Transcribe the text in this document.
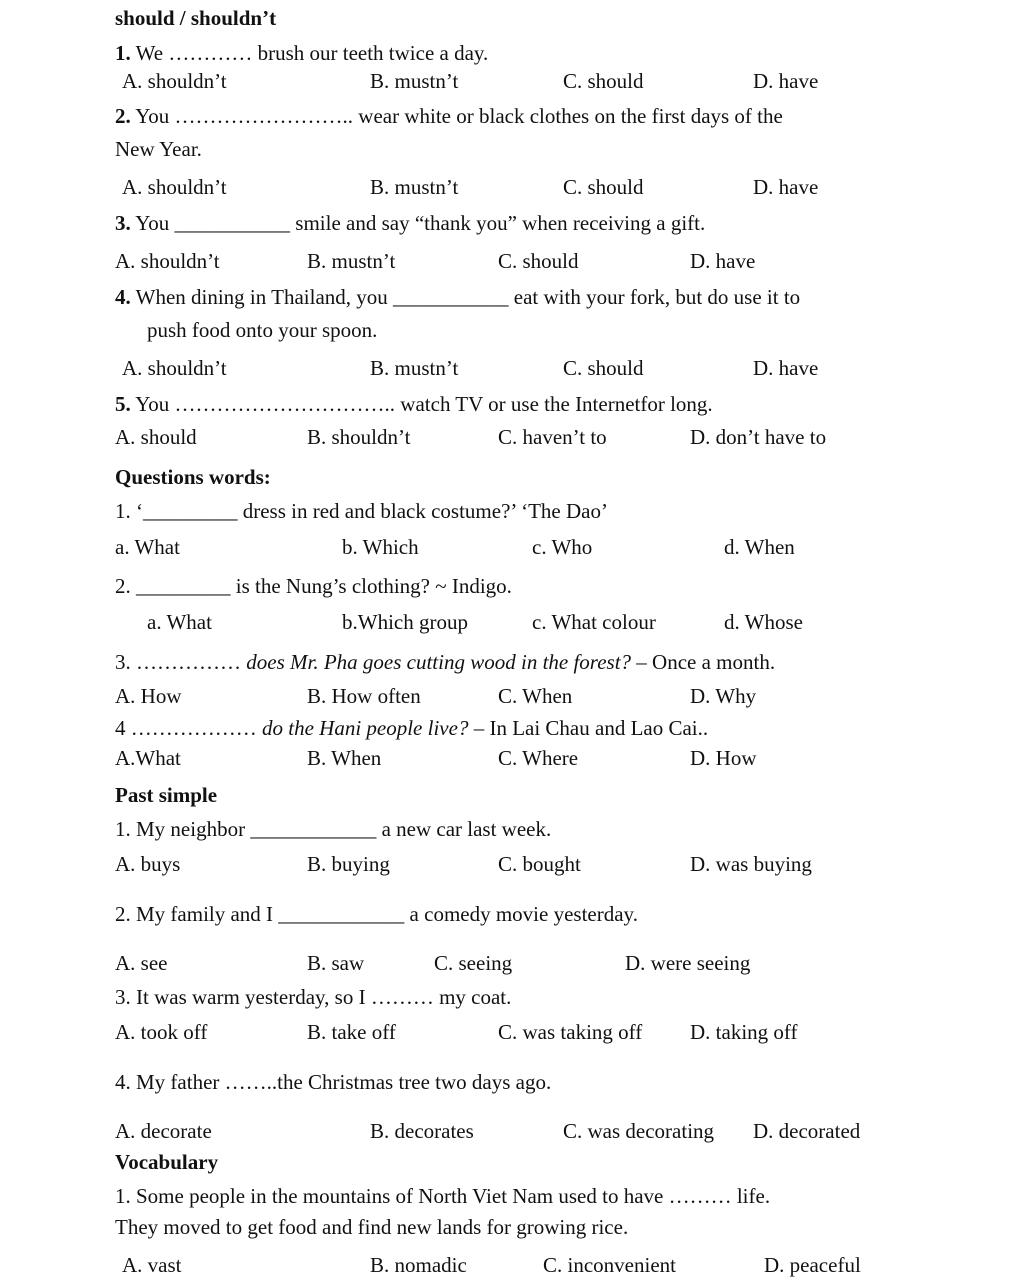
should / shouldn’t
1. We ………… brush our teeth twice a day.
A. shouldn’t	B. mustn’t	C. should	D. have
2. You …………………….. wear white or black clothes on the first days of the
New Year.
A. shouldn’t	B. mustn’t	C. should	D. have
3. You ___________ smile and say “thank you” when receiving a gift.
A. shouldn’t	B. mustn’t	C. should	D. have
4. When dining in Thailand, you ___________ eat with your fork, but do use it to
push food onto your spoon.
A. shouldn’t	B. mustn’t	C. should	D. have
5. You ………………………….. watch TV or use the Internetfor long.
A. should	B. shouldn’t	C. haven’t to	D. don’t have to
Questions words:
1. ‘_________ dress in red and black costume?’ ‘The Dao’
a. What	b. Which	c. Who	d. When
2. _________ is the Nung’s clothing? ~ Indigo.
a. What	b.Which group	c. What colour	d. Whose
3. …………… does Mr. Pha goes cutting wood in the forest? – Once a month.
A. How	B. How often	C. When	D. Why
4 ……………… do the Hani people live? – In Lai Chau and Lao Cai..
A.What	B. When	C. Where	D. How
Past simple
1. My neighbor ____________ a new car last week.
A. buys	B. buying	C. bought	D. was buying
2. My family and I ____________ a comedy movie yesterday.
A. see	B. saw	C. seeing	D. were seeing
3. It was warm yesterday, so I ……… my coat.
A. took off	B. take off	C. was taking off D. taking off
4. My father ……..the Christmas tree two days ago.
A. decorate	B. decorates	C. was decorating D. decorated
Vocabulary
1. Some people in the mountains of North Viet Nam used to have ……… life.
They moved to get food and find new lands for growing rice.
A. vast	B. nomadic	C. inconvenient	D. peaceful
